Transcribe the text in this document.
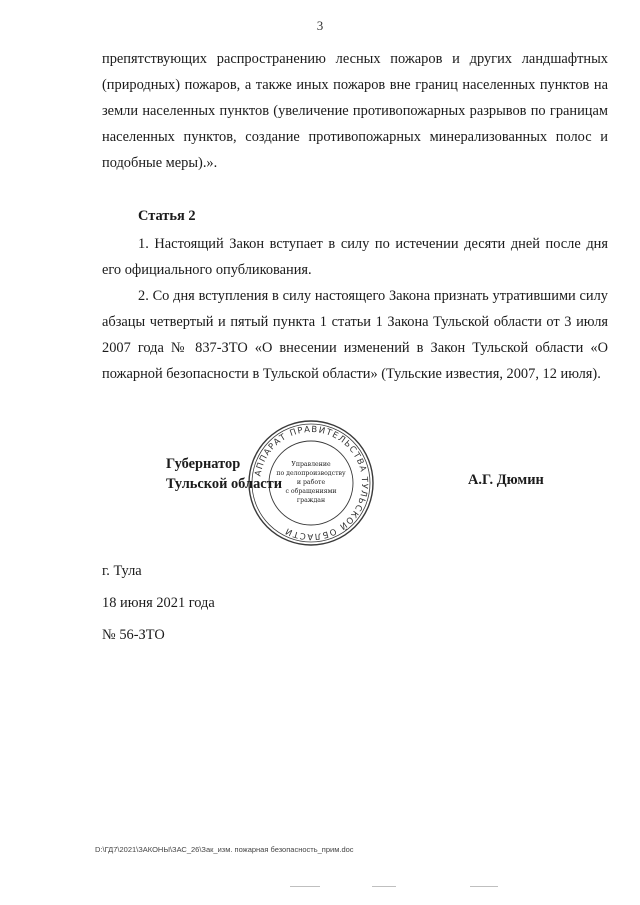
3

препятствующих распространению лесных пожаров и других ландшафтных (природных) пожаров, а также иных пожаров вне границ населенных пунктов на земли населенных пунктов (увеличение противопожарных разрывов по границам населенных пунктов, создание противопожарных минерализованных полос и подобные меры).».

Статья 2

1. Настоящий Закон вступает в силу по истечении десяти дней после дня его официального опубликования.

2. Со дня вступления в силу настоящего Закона признать утратившими силу абзацы четвертый и пятый пункта 1 статьи 1 Закона Тульской области от 3 июля 2007 года № 837-ЗТО «О внесении изменений в Закон Тульской области «О пожарной безопасности в Тульской области» (Тульские известия, 2007, 12 июля).

АППАРАТ ПРАВИТЕЛЬСТВА ТУЛЬСКОЙ ОБЛАСТИ
Управление
по делопроизводству
и работе
с обращениями
граждан
Губернатор
Тульской области	А.Г. Дюмин
г. Тула
18 июня 2021 года
№ 56-ЗТО
D:\ГД7\2021\ЗАКОНЫ\ЗАС_26\Зак_изм. пожарная безопасность_прим.doc
